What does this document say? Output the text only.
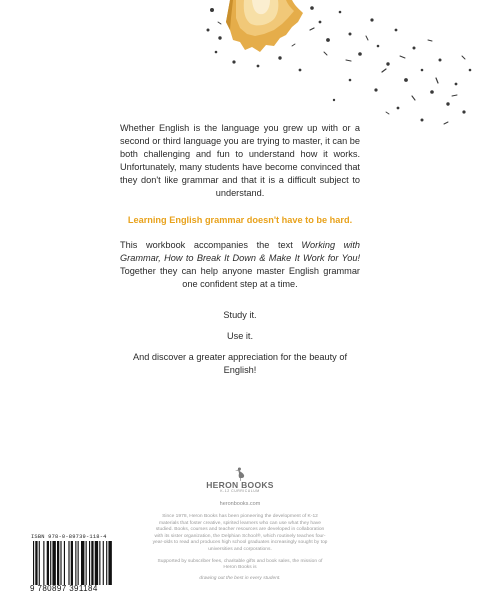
Whether English is the language you grew up with or a second or third language you are trying to master, it can be both challenging and fun to understand how it works. Unfortunately, many students have become convinced that they don't like grammar and that it is a difficult subject to understand.

Learning English grammar doesn't have to be hard.

This workbook accompanies the text Working with Grammar, How to Break It Down & Make It Work for You! Together they can help anyone master English grammar one confident step at a time.

Study it.

Use it.

And discover a greater appreciation for the beauty of English!

HERON BOOKS
K-12 CURRICULUM
heronbooks.com

Since 1978, Heron Books has been pioneering the development of K-12 materials that foster creative, spirited learners who can use what they have studied. Books, courses and teacher resources are developed in collaboration with its sister organization, the Delphian School®, which routinely teaches four-year-olds to read and produces high school graduates increasingly sought by top universities and corporations.

Supported by subscriber fees, charitable gifts and book sales, the mission of Heron Books is

drawing out the best in every student.

ISBN 978-0-89739-118-4
9 780897 391184
